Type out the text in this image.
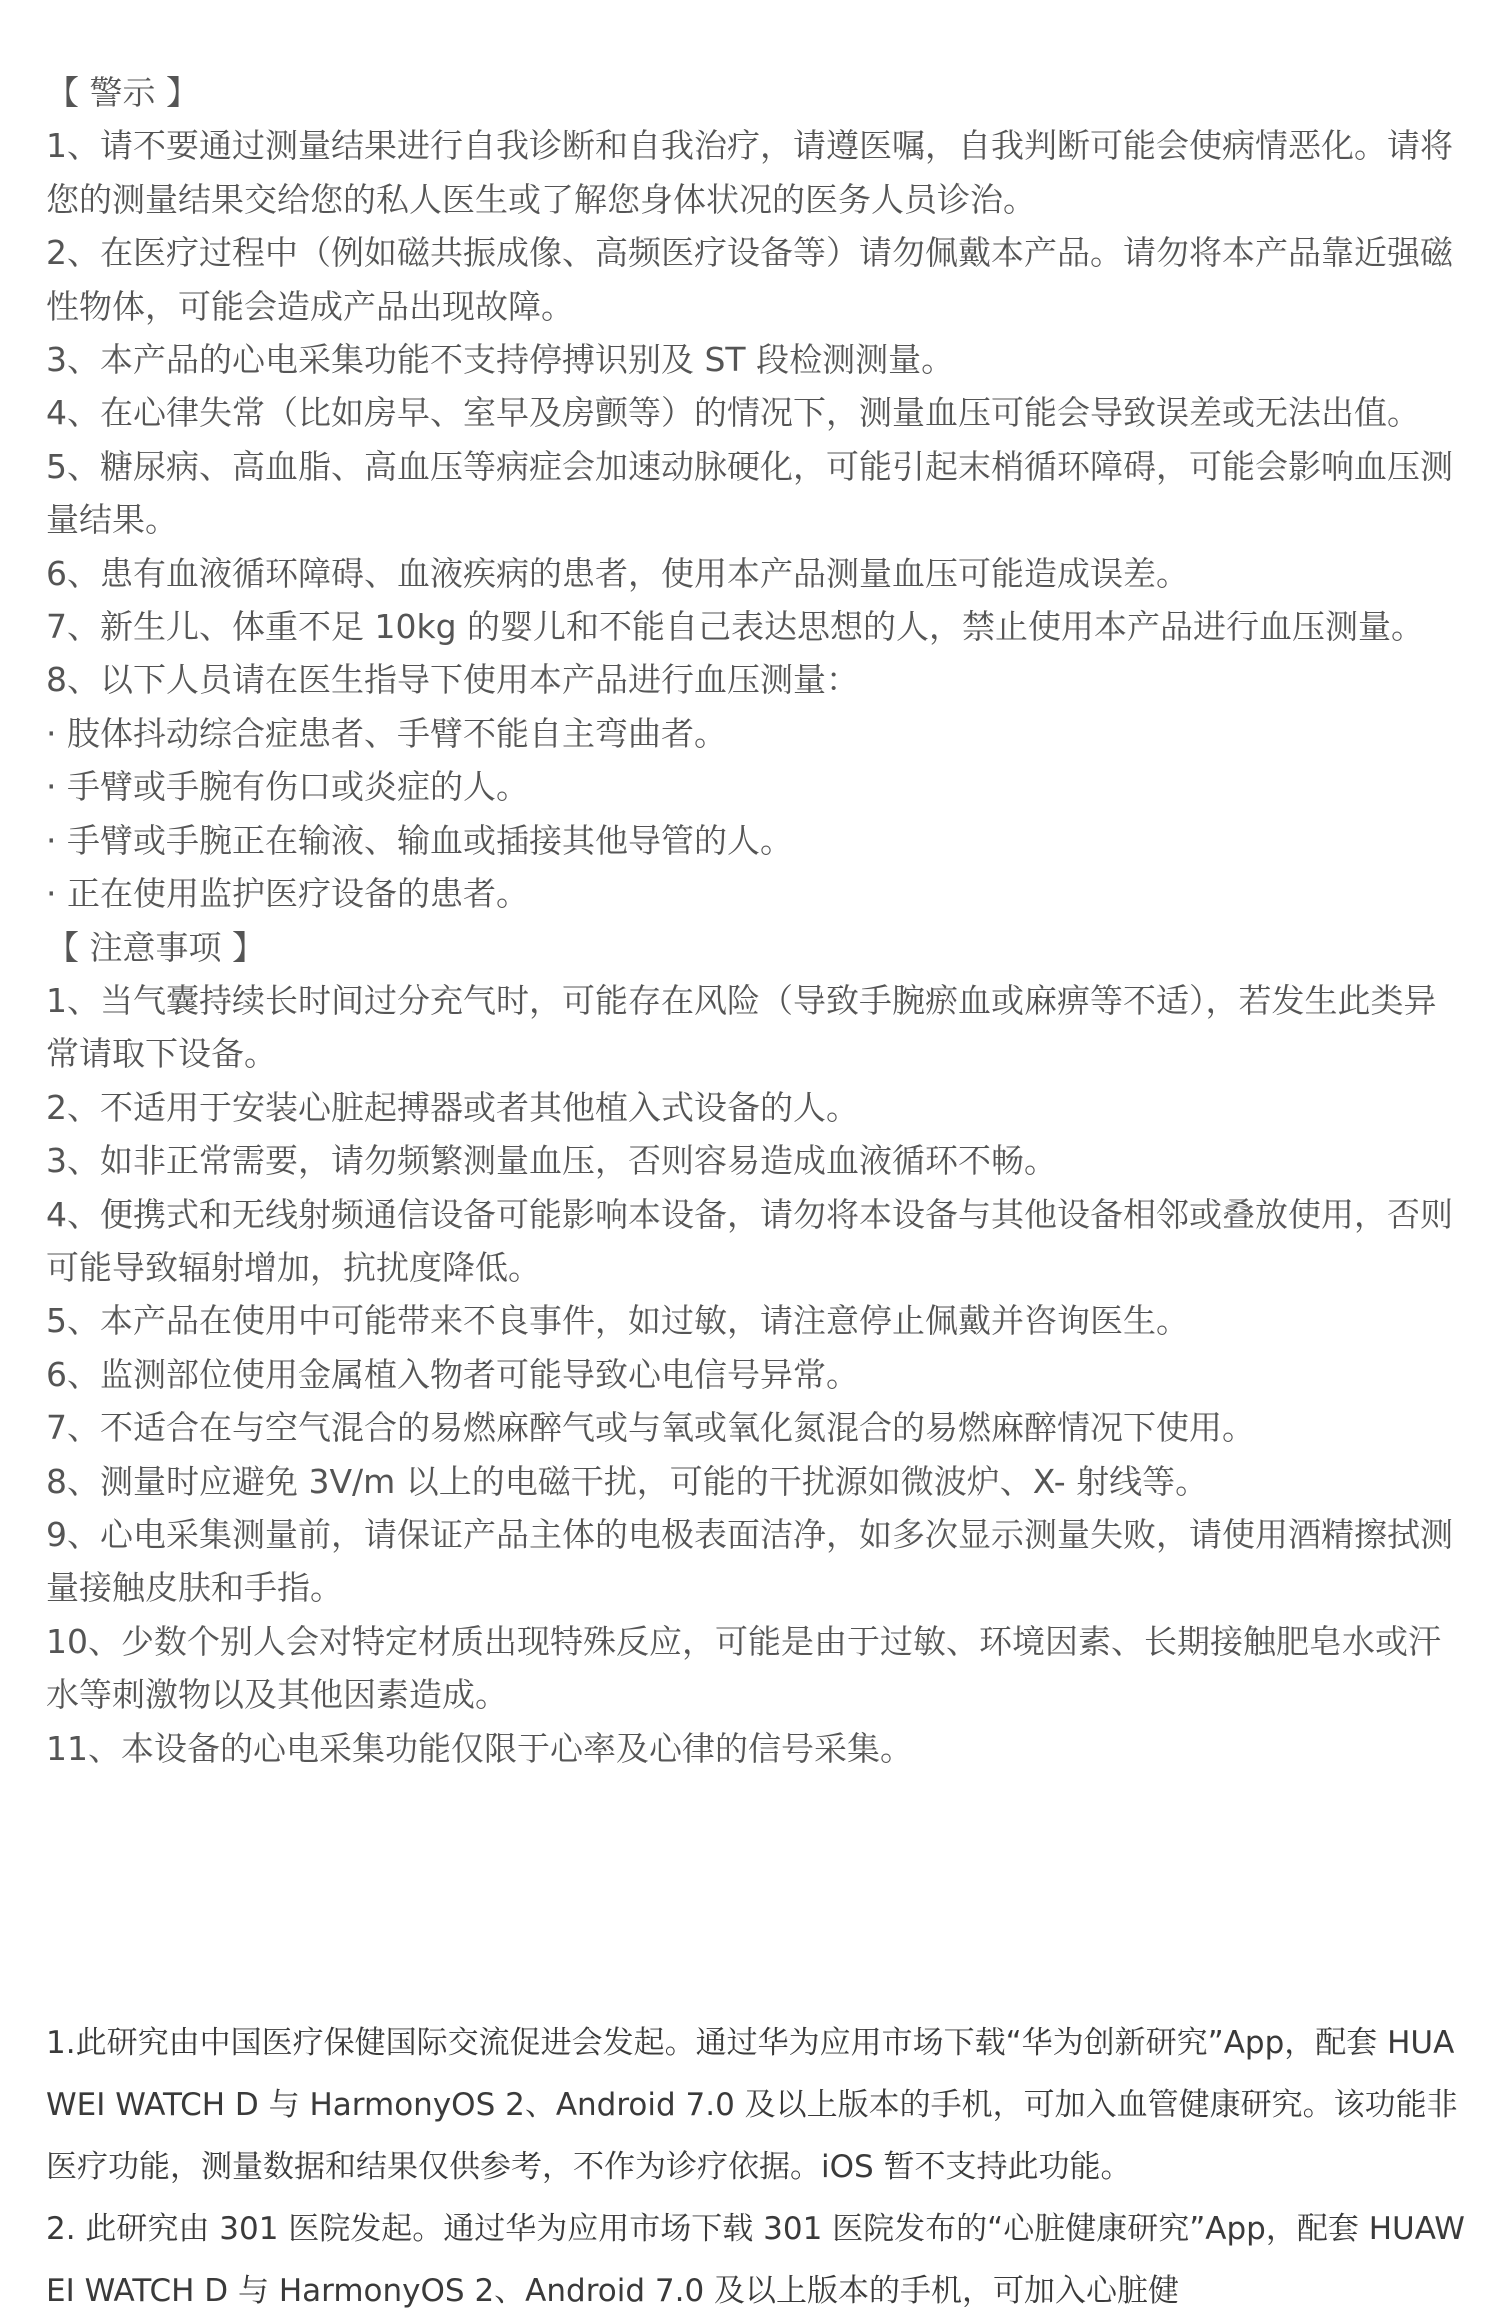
【 警示 】

1、请不要通过测量结果进行自我诊断和自我治疗，请遵医嘱，自我判断可能会使病情恶化。请将您的测量结果交给您的私人医生或了解您身体状况的医务人员诊治。

2、在医疗过程中（例如磁共振成像、高频医疗设备等）请勿佩戴本产品。请勿将本产品靠近强磁性物体，可能会造成产品出现故障。

3、本产品的心电采集功能不支持停搏识别及 ST 段检测测量。

4、在心律失常（比如房早、室早及房颤等）的情况下，测量血压可能会导致误差或无法出值。

5、糖尿病、高血脂、高血压等病症会加速动脉硬化，可能引起末梢循环障碍，可能会影响血压测量结果。

6、患有血液循环障碍、血液疾病的患者，使用本产品测量血压可能造成误差。

7、新生儿、体重不足 10kg 的婴儿和不能自己表达思想的人，禁止使用本产品进行血压测量。

8、以下人员请在医生指导下使用本产品进行血压测量：

· 肢体抖动综合症患者、手臂不能自主弯曲者。

· 手臂或手腕有伤口或炎症的人。

· 手臂或手腕正在输液、输血或插接其他导管的人。

· 正在使用监护医疗设备的患者。

【 注意事项 】

1、当气囊持续长时间过分充气时，可能存在风险（导致手腕瘀血或麻痹等不适），若发生此类异常请取下设备。

2、不适用于安装心脏起搏器或者其他植入式设备的人。

3、如非正常需要，请勿频繁测量血压，否则容易造成血液循环不畅。

4、便携式和无线射频通信设备可能影响本设备，请勿将本设备与其他设备相邻或叠放使用，否则可能导致辐射增加，抗扰度降低。

5、本产品在使用中可能带来不良事件，如过敏，请注意停止佩戴并咨询医生。

6、监测部位使用金属植入物者可能导致心电信号异常。

7、不适合在与空气混合的易燃麻醉气或与氧或氧化氮混合的易燃麻醉情况下使用。

8、测量时应避免 3V/m 以上的电磁干扰，可能的干扰源如微波炉、X- 射线等。

9、心电采集测量前，请保证产品主体的电极表面洁净，如多次显示测量失败，请使用酒精擦拭测量接触皮肤和手指。

10、少数个别人会对特定材质出现特殊反应，可能是由于过敏、环境因素、长期接触肥皂水或汗水等刺激物以及其他因素造成。

11、本设备的心电采集功能仅限于心率及心律的信号采集。

1.此研究由中国医疗保健国际交流促进会发起。通过华为应用市场下载“华为创新研究”App，配套 HUAWEI WATCH D 与 HarmonyOS 2、Android 7.0 及以上版本的手机，可加入血管健康研究。该功能非医疗功能，测量数据和结果仅供参考，不作为诊疗依据。iOS 暂不支持此功能。

2. 此研究由 301 医院发起。通过华为应用市场下载 301 医院发布的“心脏健康研究”App，配套 HUAWEI WATCH D 与 HarmonyOS 2、Android 7.0 及以上版本的手机，可加入心脏健
